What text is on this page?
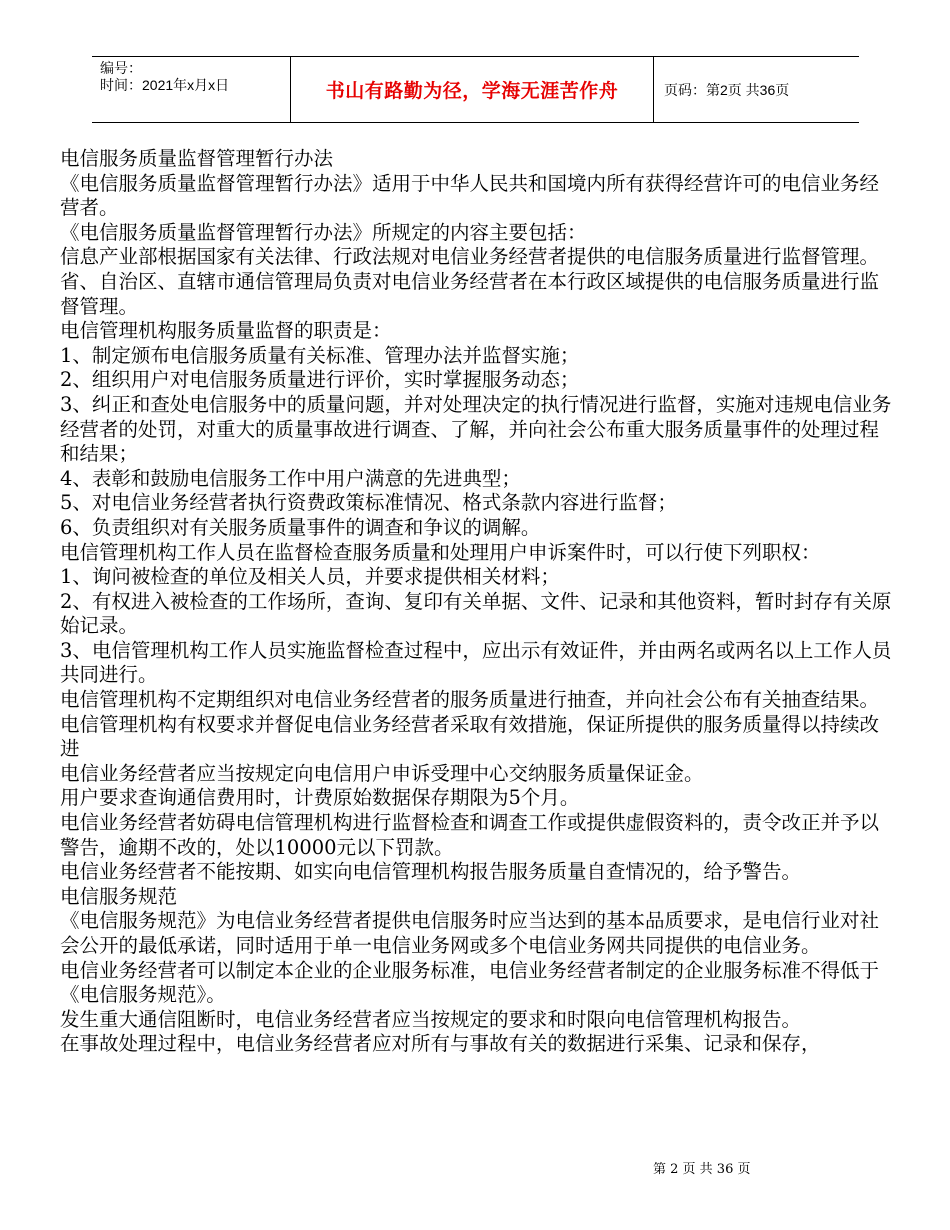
编号：
时间：2021年x月x日	书山有路勤为径，学海无涯苦作舟	页码：第2页 共36页

电信服务质量监督管理暂行办法

《电信服务质量监督管理暂行办法》适用于中华人民共和国境内所有获得经营许可的电信业务经营者。

《电信服务质量监督管理暂行办法》所规定的内容主要包括：

信息产业部根据国家有关法律、行政法规对电信业务经营者提供的电信服务质量进行监督管理。

省、自治区、直辖市通信管理局负责对电信业务经营者在本行政区域提供的电信服务质量进行监督管理。

电信管理机构服务质量监督的职责是：

1、制定颁布电信服务质量有关标准、管理办法并监督实施；

2、组织用户对电信服务质量进行评价，实时掌握服务动态；

3、纠正和查处电信服务中的质量问题，并对处理决定的执行情况进行监督，实施对违规电信业务经营者的处罚，对重大的质量事故进行调查、了解，并向社会公布重大服务质量事件的处理过程和结果；

4、表彰和鼓励电信服务工作中用户满意的先进典型；

5、对电信业务经营者执行资费政策标准情况、格式条款内容进行监督；

6、负责组织对有关服务质量事件的调查和争议的调解。

电信管理机构工作人员在监督检查服务质量和处理用户申诉案件时，可以行使下列职权：

1、询问被检查的单位及相关人员，并要求提供相关材料；

2、有权进入被检查的工作场所，查询、复印有关单据、文件、记录和其他资料，暂时封存有关原始记录。

3、电信管理机构工作人员实施监督检查过程中，应出示有效证件，并由两名或两名以上工作人员共同进行。

电信管理机构不定期组织对电信业务经营者的服务质量进行抽查，并向社会公布有关抽查结果。

电信管理机构有权要求并督促电信业务经营者采取有效措施，保证所提供的服务质量得以持续改进

电信业务经营者应当按规定向电信用户申诉受理中心交纳服务质量保证金。

用户要求查询通信费用时，计费原始数据保存期限为5个月。

电信业务经营者妨碍电信管理机构进行监督检查和调查工作或提供虚假资料的，责令改正并予以警告，逾期不改的，处以10000元以下罚款。

电信业务经营者不能按期、如实向电信管理机构报告服务质量自查情况的，给予警告。

电信服务规范

《电信服务规范》为电信业务经营者提供电信服务时应当达到的基本品质要求，是电信行业对社会公开的最低承诺，同时适用于单一电信业务网或多个电信业务网共同提供的电信业务。

电信业务经营者可以制定本企业的企业服务标准，电信业务经营者制定的企业服务标准不得低于《电信服务规范》。

发生重大通信阻断时，电信业务经营者应当按规定的要求和时限向电信管理机构报告。

在事故处理过程中，电信业务经营者应对所有与事故有关的数据进行采集、记录和保存，

第 2 页 共 36 页
